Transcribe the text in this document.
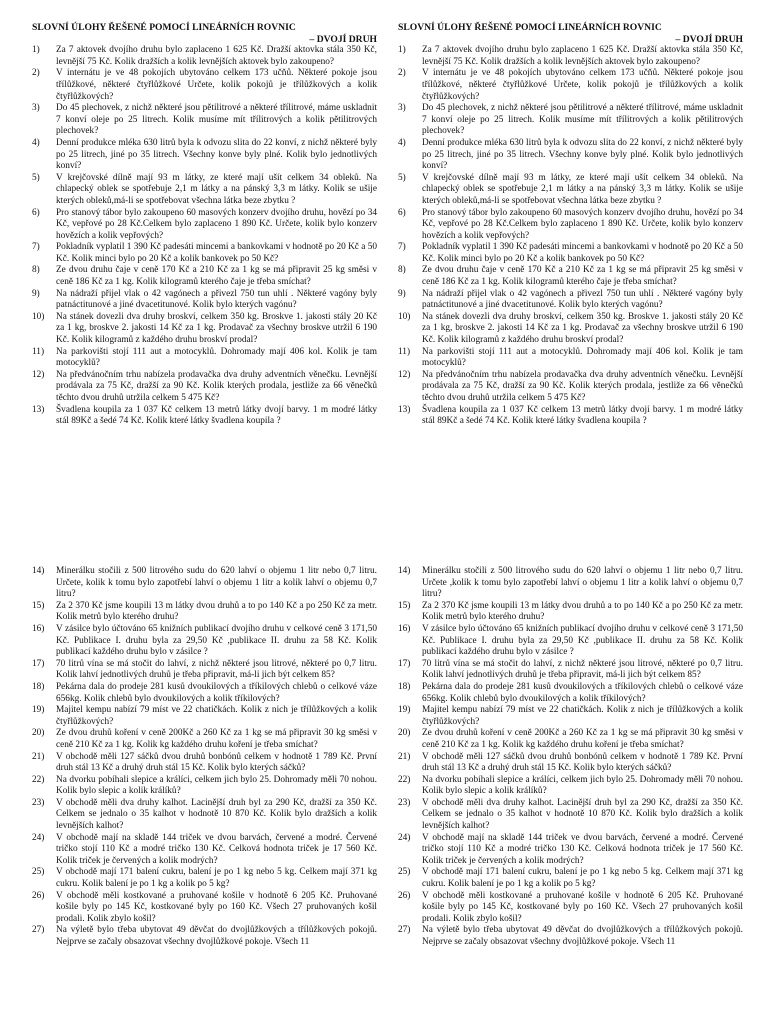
SLOVNÍ ÚLOHY ŘEŠENÉ POMOCÍ LINEÁRNÍCH ROVNIC
– DVOJÍ DRUH
1) Za 7 aktovek dvojího druhu bylo zaplaceno 1 625 Kč. Dražší aktovka stála 350 Kč, levnější 75 Kč. Kolik dražších a kolik levnějších aktovek bylo zakoupeno?
2) V internátu je ve 48 pokojích ubytováno celkem 173 učňů. Některé pokoje jsou třílůžkové, některé čtyřlůžkové Určete, kolik pokojů je třílůžkových a kolik čtyřlůžkových?
3) Do 45 plechovek, z nichž některé jsou pětilitrové a některé třílitrové, máme uskladnit 7 konví oleje po 25 litrech. Kolik musíme mít třílitrových a kolik pětilitrových plechovek?
4) Denní produkce mléka 630 litrů byla k odvozu slita do 22 konví, z nichž některé byly po 25 litrech, jiné po 35 litrech. Všechny konve byly plné. Kolik bylo jednotlivých konví?
5) V krejčovské dílně mají 93 m látky, ze které mají ušít celkem 34 obleků. Na chlapecký oblek se spotřebuje 2,1 m látky a na pánský 3,3 m látky. Kolik se ušije kterých obleků,má-li se spotřebovat všechna látka beze zbytku ?
6) Pro stanový tábor bylo zakoupeno 60 masových konzerv dvojího druhu, hovězí po 34 Kč, vepřové po 28 Kč.Celkem bylo zaplaceno 1 890 Kč. Určete, kolik bylo konzerv hovězích a kolik vepřových?
7) Pokladník vyplatil 1 390 Kč padesáti mincemi a bankovkami v hodnotě po 20 Kč a 50 Kč. Kolik minci bylo po 20 Kč a kolik bankovek po 50 Kč?
8) Ze dvou druhu čaje v ceně 170 Kč a 210 Kč za 1 kg se má připravit 25 kg směsi v ceně 186 Kč za 1 kg. Kolik kilogramů kterého čaje je třeba smíchat?
9) Na nádraží přijel vlak o 42 vagónech a přivezl 750 tun uhlí . Některé vagóny byly patnáctitunové a jiné dvacetitunové. Kolik bylo kterých vagónu?
10) Na stánek dovezli dva druhy broskví, celkem 350 kg. Broskve 1. jakosti stály 20 Kč za 1 kg, broskve 2. jakosti 14 Kč za 1 kg. Prodavač za všechny broskve utržil 6 190 Kč. Kolik kilogramů z každého druhu broskví prodal?
11) Na parkovišti stojí 111 aut a motocyklů. Dohromady mají 406 kol. Kolik je tam motocyklů?
12) Na předvánočním trhu nabízela prodavačka dva druhy adventních věnečku. Levnější prodávala za 75 Kč, dražší za 90 Kč. Kolik kterých prodala, jestliže za 66 věnečků těchto dvou druhů utržila celkem 5 475 Kč?
13) Švadlena koupila za 1 037 Kč celkem 13 metrů látky dvojí barvy. 1 m modré látky stál 89Kč a šedé 74 Kč. Kolik které látky švadlena koupila ?
SLOVNÍ ÚLOHY ŘEŠENÉ POMOCÍ LINEÁRNÍCH ROVNIC
– DVOJÍ DRUH
1) Za 7 aktovek dvojího druhu bylo zaplaceno 1 625 Kč. Dražší aktovka stála 350 Kč, levnější 75 Kč. Kolik dražších a kolik levnějších aktovek bylo zakoupeno?
2) V internátu je ve 48 pokojích ubytováno celkem 173 učňů. Některé pokoje jsou třílůžkové, některé čtyřlůžkové Určete, kolik pokojů je třílůžkových a kolik čtyřlůžkových?
3) Do 45 plechovek, z nichž některé jsou pětilitrové a některé třílitrové, máme uskladnit 7 konví oleje po 25 litrech. Kolik musíme mít třílitrových a kolik pětilitrových plechovek?
4) Denní produkce mléka 630 litrů byla k odvozu slita do 22 konví, z nichž některé byly po 25 litrech, jiné po 35 litrech. Všechny konve byly plné. Kolik bylo jednotlivých konví?
5) V krejčovské dílně mají 93 m látky, ze které mají ušít celkem 34 obleků. Na chlapecký oblek se spotřebuje 2,1 m látky a na pánský 3,3 m látky. Kolik se ušije kterých obleků,má-li se spotřebovat všechna látka beze zbytku ?
6) Pro stanový tábor bylo zakoupeno 60 masových konzerv dvojího druhu, hovězí po 34 Kč, vepřové po 28 Kč.Celkem bylo zaplaceno 1 890 Kč. Určete, kolik bylo konzerv hovězích a kolik vepřových?
7) Pokladník vyplatil 1 390 Kč padesáti mincemi a bankovkami v hodnotě po 20 Kč a 50 Kč. Kolik minci bylo po 20 Kč a kolik bankovek po 50 Kč?
8) Ze dvou druhu čaje v ceně 170 Kč a 210 Kč za 1 kg se má připravit 25 kg směsi v ceně 186 Kč za 1 kg. Kolik kilogramů kterého čaje je třeba smíchat?
9) Na nádraží přijel vlak o 42 vagónech a přivezl 750 tun uhlí . Některé vagóny byly patnáctitunové a jiné dvacetitunové. Kolik bylo kterých vagónu?
10) Na stánek dovezli dva druhy broskví, celkem 350 kg. Broskve 1. jakosti stály 20 Kč za 1 kg, broskve 2. jakosti 14 Kč za 1 kg. Prodavač za všechny broskve utržil 6 190 Kč. Kolik kilogramů z každého druhu broskví prodal?
11) Na parkovišti stojí 111 aut a motocyklů. Dohromady mají 406 kol. Kolik je tam motocyklů?
12) Na předvánočním trhu nabízela prodavačka dva druhy adventních věnečku. Levnější prodávala za 75 Kč, dražší za 90 Kč. Kolik kterých prodala, jestliže za 66 věnečků těchto dvou druhů utržila celkem 5 475 Kč?
13) Švadlena koupila za 1 037 Kč celkem 13 metrů látky dvojí barvy. 1 m modré látky stál 89Kč a šedé 74 Kč. Kolik které látky švadlena koupila ?
14) Minerálku stočili z 500 litrového sudu do 620 lahví o objemu 1 litr nebo 0,7 litru. Určete, kolik k tomu bylo zapotřebí lahví o objemu 1 litr a kolik lahví o objemu 0,7 litru?
15) Za 2 370 Kč jsme koupili 13 m látky dvou druhů a to po 140 Kč a po 250 Kč za metr. Kolik metrů bylo kterého druhu?
16) V zásilce bylo účtováno 65 knižních publikací dvojího druhu v celkové ceně 3 171,50 Kč. Publikace I. druhu byla za 29,50 Kč ,publikace II. druhu za 58 Kč. Kolik publikací každého druhu bylo v zásilce ?
17) 70 litrů vína se má stočit do lahví, z nichž některé jsou litrové, některé po 0,7 litru. Kolik lahví jednotlivých druhů je třeba připravit, má-li jich být celkem 85?
18) Pekárna dala do prodeje 281 kusů dvoukilových a tříkilových chlebů o celkové váze 656kg. Kolik chlebů bylo dvoukilových a kolik tříkilových?
19) Majitel kempu nabízí 79 míst ve 22 chatičkách. Kolik z nich je třílůžkových a kolik čtyřlůžkových?
20) Ze dvou druhů koření v ceně 200Kč a 260 Kč za 1 kg se má připravit 30 kg směsi v ceně 210 Kč za 1 kg. Kolik kg každého druhu koření je třeba smíchat?
21) V obchodě měli 127 sáčků dvou druhů bonbónů celkem v hodnotě 1 789 Kč. První druh stál 13 Kč a druhý druh stál 15 Kč. Kolik bylo kterých sáčků?
22) Na dvorku pobíhali slepice a králíci, celkem jich bylo 25. Dohromady měli 70 nohou. Kolik bylo slepic a kolik králíků?
23) V obchodě měli dva druhy kalhot. Lacinější druh byl za 290 Kč, dražší za 350 Kč. Celkem se jednalo o 35 kalhot v hodnotě 10 870 Kč. Kolik bylo dražších a kolik levnějších kalhot?
24) V obchodě mají na skladě 144 triček ve dvou barvách, červené a modré. Červené tričko stojí 110 Kč a modré tričko 130 Kč. Celková hodnota triček je 17 560 Kč. Kolik triček je červených a kolik modrých?
25) V obchodě mají 171 balení cukru, balení je po 1 kg nebo 5 kg. Celkem mají 371 kg cukru. Kolik balení je po 1 kg a kolik po 5 kg?
26) V obchodě měli kostkované a pruhované košile v hodnotě 6 205 Kč. Pruhované košile byly po 145 Kč, kostkované byly po 160 Kč. Všech 27 pruhovaných košil prodali. Kolik zbylo košil?
27) Na výletě bylo třeba ubytovat 49 děvčat do dvojlůžkových a třílůžkových pokojů. Nejprve se začaly obsazovat všechny dvojlůžkové pokoje. Všech 11
14) Minerálku stočili z 500 litrového sudu do 620 lahví o objemu 1 litr nebo 0,7 litru. Určete ,kolik k tomu bylo zapotřebí lahví o objemu 1 litr a kolik lahví o objemu 0,7 litru?
15) Za 2 370 Kč jsme koupili 13 m látky dvou druhů a to po 140 Kč a po 250 Kč za metr. Kolik metrů bylo kterého druhu?
16) V zásilce bylo účtováno 65 knižních publikací dvojího druhu v celkové ceně 3 171,50 Kč. Publikace I. druhu byla za 29,50 Kč ,publikace II. druhu za 58 Kč. Kolik publikací každého druhu bylo v zásilce ?
17) 70 litrů vína se má stočit do lahví, z nichž některé jsou litrové, některé po 0,7 litru. Kolik lahví jednotlivých druhů je třeba připravit, má-li jich být celkem 85?
18) Pekárna dala do prodeje 281 kusů dvoukilových a tříkilových chlebů o celkové váze 656kg. Kolik chlebů bylo dvoukilových a kolik tříkilových?
19) Majitel kempu nabízí 79 míst ve 22 chatičkách. Kolik z nich je třílůžkových a kolik čtyřlůžkových?
20) Ze dvou druhů koření v ceně 200Kč a 260 Kč za 1 kg se má připravit 30 kg směsi v ceně 210 Kč za 1 kg. Kolik kg každého druhu koření je třeba smíchat?
21) V obchodě měli 127 sáčků dvou druhů bonbónů celkem v hodnotě 1 789 Kč. První druh stál 13 Kč a druhý druh stál 15 Kč. Kolik bylo kterých sáčků?
22) Na dvorku pobíhali slepice a králíci, celkem jich bylo 25. Dohromady měli 70 nohou. Kolik bylo slepic a kolik králíků?
23) V obchodě měli dva druhy kalhot. Lacinější druh byl za 290 Kč, dražší za 350 Kč. Celkem se jednalo o 35 kalhot v hodnotě 10 870 Kč. Kolik bylo dražších a kolik levnějších kalhot?
24) V obchodě mají na skladě 144 triček ve dvou barvách, červené a modré. Červené tričko stojí 110 Kč a modré tričko 130 Kč. Celková hodnota triček je 17 560 Kč. Kolik triček je červených a kolik modrých?
25) V obchodě mají 171 balení cukru, balení je po 1 kg nebo 5 kg. Celkem mají 371 kg cukru. Kolik balení je po 1 kg a kolik po 5 kg?
26) V obchodě měli kostkované a pruhované košile v hodnotě 6 205 Kč. Pruhované košile byly po 145 Kč, kostkované byly po 160 Kč. Všech 27 pruhovaných košil prodali. Kolik zbylo košil?
27) Na výletě bylo třeba ubytovat 49 děvčat do dvojlůžkových a třílůžkových pokojů. Nejprve se začaly obsazovat všechny dvojlůžkové pokoje. Všech 11
